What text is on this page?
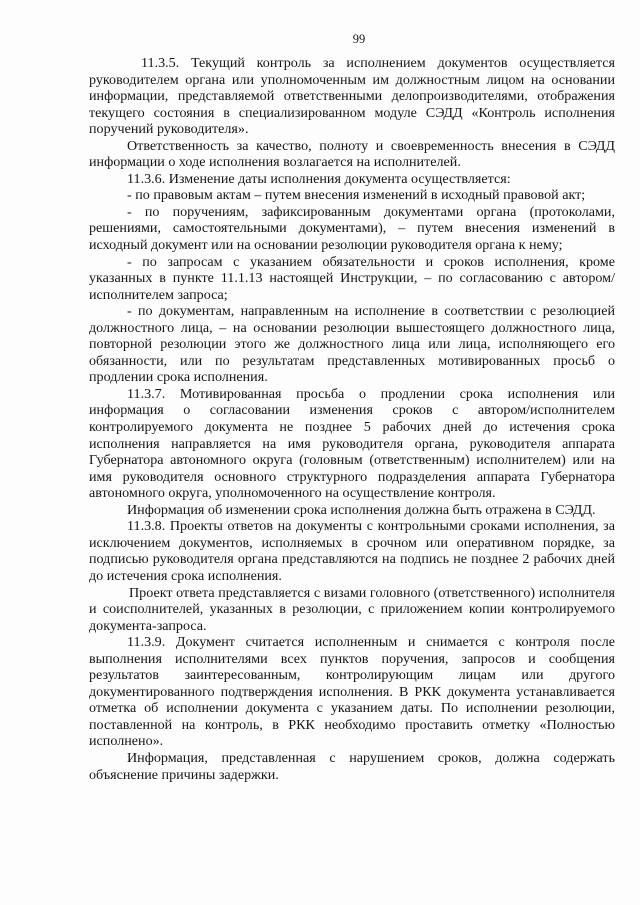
99

11.3.5. Текущий контроль за исполнением документов осуществляется руководителем органа или уполномоченным им должностным лицом на основании информации, представляемой ответственными делопроизводителями, отображения текущего состояния в специализированном модуле СЭДД «Контроль исполнения поручений руководителя».

Ответственность за качество, полноту и своевременность внесения в СЭДД информации о ходе исполнения возлагается на исполнителей.

11.3.6. Изменение даты исполнения документа осуществляется:

- по правовым актам – путем внесения изменений в исходный правовой акт;

- по поручениям, зафиксированным документами органа (протоколами, решениями, самостоятельными документами), – путем внесения изменений в исходный документ или на основании резолюции руководителя органа к нему;

- по запросам с указанием обязательности и сроков исполнения, кроме указанных в пункте 11.1.13 настоящей Инструкции, – по согласованию с автором/исполнителем запроса;

- по документам, направленным на исполнение в соответствии с резолюцией должностного лица, – на основании резолюции вышестоящего должностного лица, повторной резолюции этого же должностного лица или лица, исполняющего его обязанности, или по результатам представленных мотивированных просьб о продлении срока исполнения.

11.3.7. Мотивированная просьба о продлении срока исполнения или информация о согласовании изменения сроков с автором/исполнителем контролируемого документа не позднее 5 рабочих дней до истечения срока исполнения направляется на имя руководителя органа, руководителя аппарата Губернатора автономного округа (головным (ответственным) исполнителем) или на имя руководителя основного структурного подразделения аппарата Губернатора автономного округа, уполномоченного на осуществление контроля.

Информация об изменении срока исполнения должна быть отражена в СЭДД.

11.3.8. Проекты ответов на документы с контрольными сроками исполнения, за исключением документов, исполняемых в срочном или оперативном порядке, за подписью руководителя органа представляются на подпись не позднее 2 рабочих дней до истечения срока исполнения.

Проект ответа представляется с визами головного (ответственного) исполнителя и соисполнителей, указанных в резолюции, с приложением копии контролируемого документа-запроса.

11.3.9. Документ считается исполненным и снимается с контроля после выполнения исполнителями всех пунктов поручения, запросов и сообщения результатов заинтересованным, контролирующим лицам или другого документированного подтверждения исполнения. В РКК документа устанавливается отметка об исполнении документа с указанием даты. По исполнении резолюции, поставленной на контроль, в РКК необходимо проставить отметку «Полностью исполнено».

Информация, представленная с нарушением сроков, должна содержать объяснение причины задержки.
